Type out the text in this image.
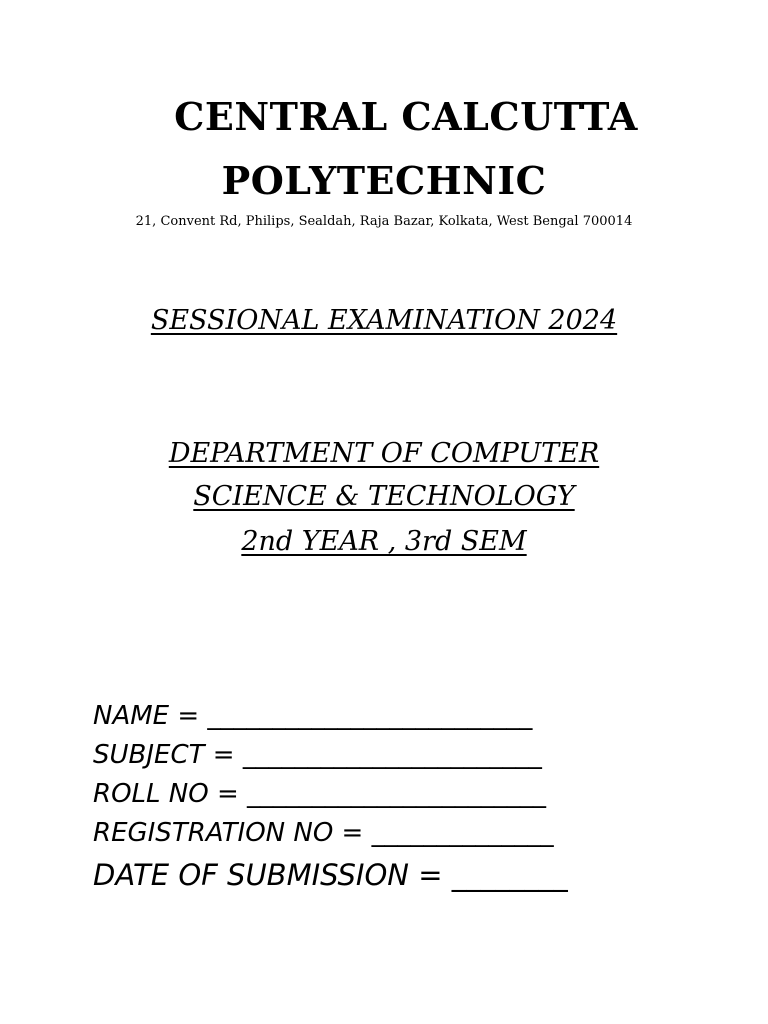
CENTRAL CALCUTTA
POLYTECHNIC
21, Convent Rd, Philips, Sealdah, Raja Bazar, Kolkata, West Bengal 700014
SESSIONAL EXAMINATION 2024
DEPARTMENT OF COMPUTER
SCIENCE & TECHNOLOGY
2nd YEAR , 3rd SEM
NAME = _________________________
SUBJECT = _______________________
ROLL NO = _______________________
REGISTRATION NO = ______________
DATE OF SUBMISSION = ________
